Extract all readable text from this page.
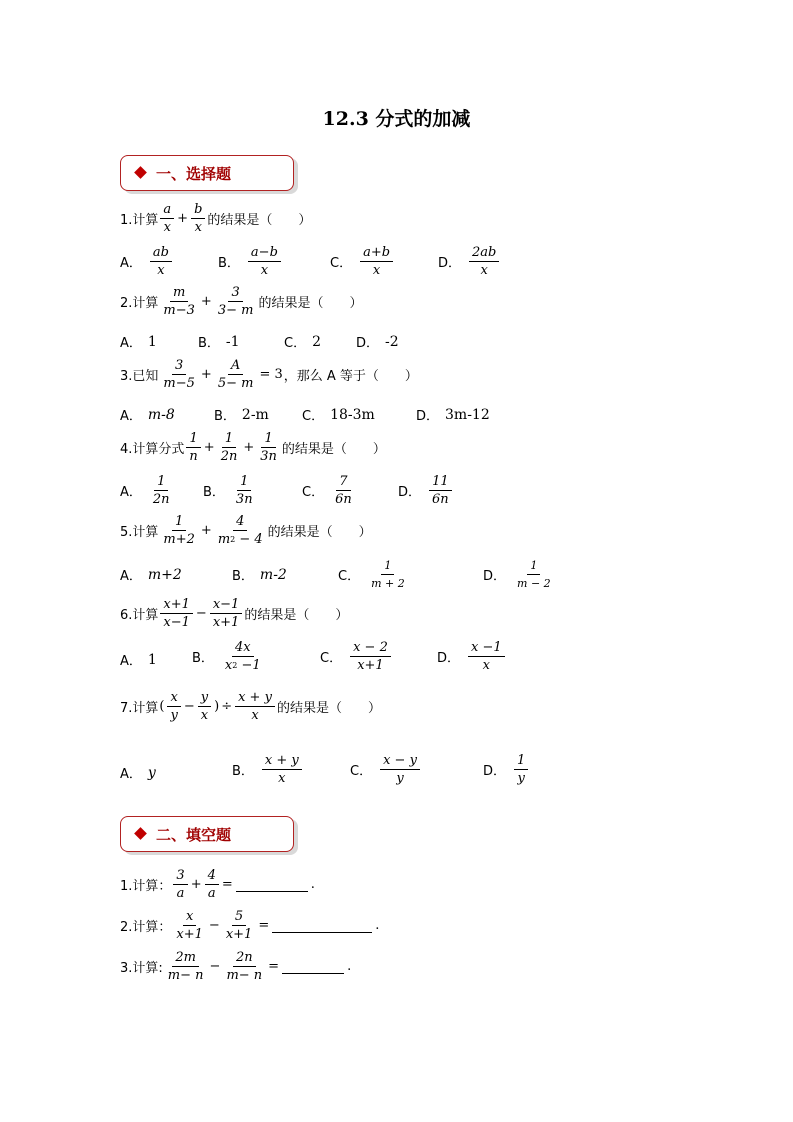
12.3 分式的加减
一、选择题
1.计算 $\frac{a}{x} + \frac{b}{x}$ 的结果是（　　）
A． $\frac{ab}{x}$	B． $\frac{a-b}{x}$	C． $\frac{a+b}{x}$	D． $\frac{2ab}{x}$
2.计算 $\frac{m}{m-3} + \frac{3}{3- m}$ 的结果是（　　）
A． 1	B． -1	C． 2	D． -2
3.已知 $\frac{3}{m-5} + \frac{A}{5- m} = 3$ ，那么 A 等于（　　）
A． m-8	B． 2-m	C． 18-3m	D． 3m-12
4.计算分式 $\frac{1}{n} + \frac{1}{2n} + \frac{1}{3n}$ 的结果是（　　）
A． $\frac{1}{2n}$ B． $\frac{1}{3n}$	C． $\frac{7}{6n}$	D． $\frac{11}{6n}$
5.计算 $\frac{1}{m+2} + \frac{4}{m^2 - 4}$ 的结果是（　　）
A． m+2	B． m-2	C． $\frac{1}{m + 2}$	D． $\frac{1}{m - 2}$
6.计算 $\frac{x+1}{x-1} - \frac{x-1}{x+1}$ 的结果是（　　）
A． 1	B． $\frac{4x}{x^2 -1}$	C． $\frac{x - 2}{x+1}$	D． $\frac{x -1}{x}$
7.计算 ( $\frac{x}{y} - \frac{y}{x}$ ) ÷ $\frac{x + y}{x}$ 的结果是（　　）
A． y	B． $\frac{x + y}{x}$	C． $\frac{x - y}{y}$	D． $\frac{1}{y}$
二、填空题
1.计算： $\frac{3}{a} + \frac{4}{a}$ =	.
2.计算： $\frac{x}{x+1} - \frac{5}{x+1}$ =	.
3.计算: $\frac{2m}{m- n} - \frac{2n}{m- n}$ =	.
